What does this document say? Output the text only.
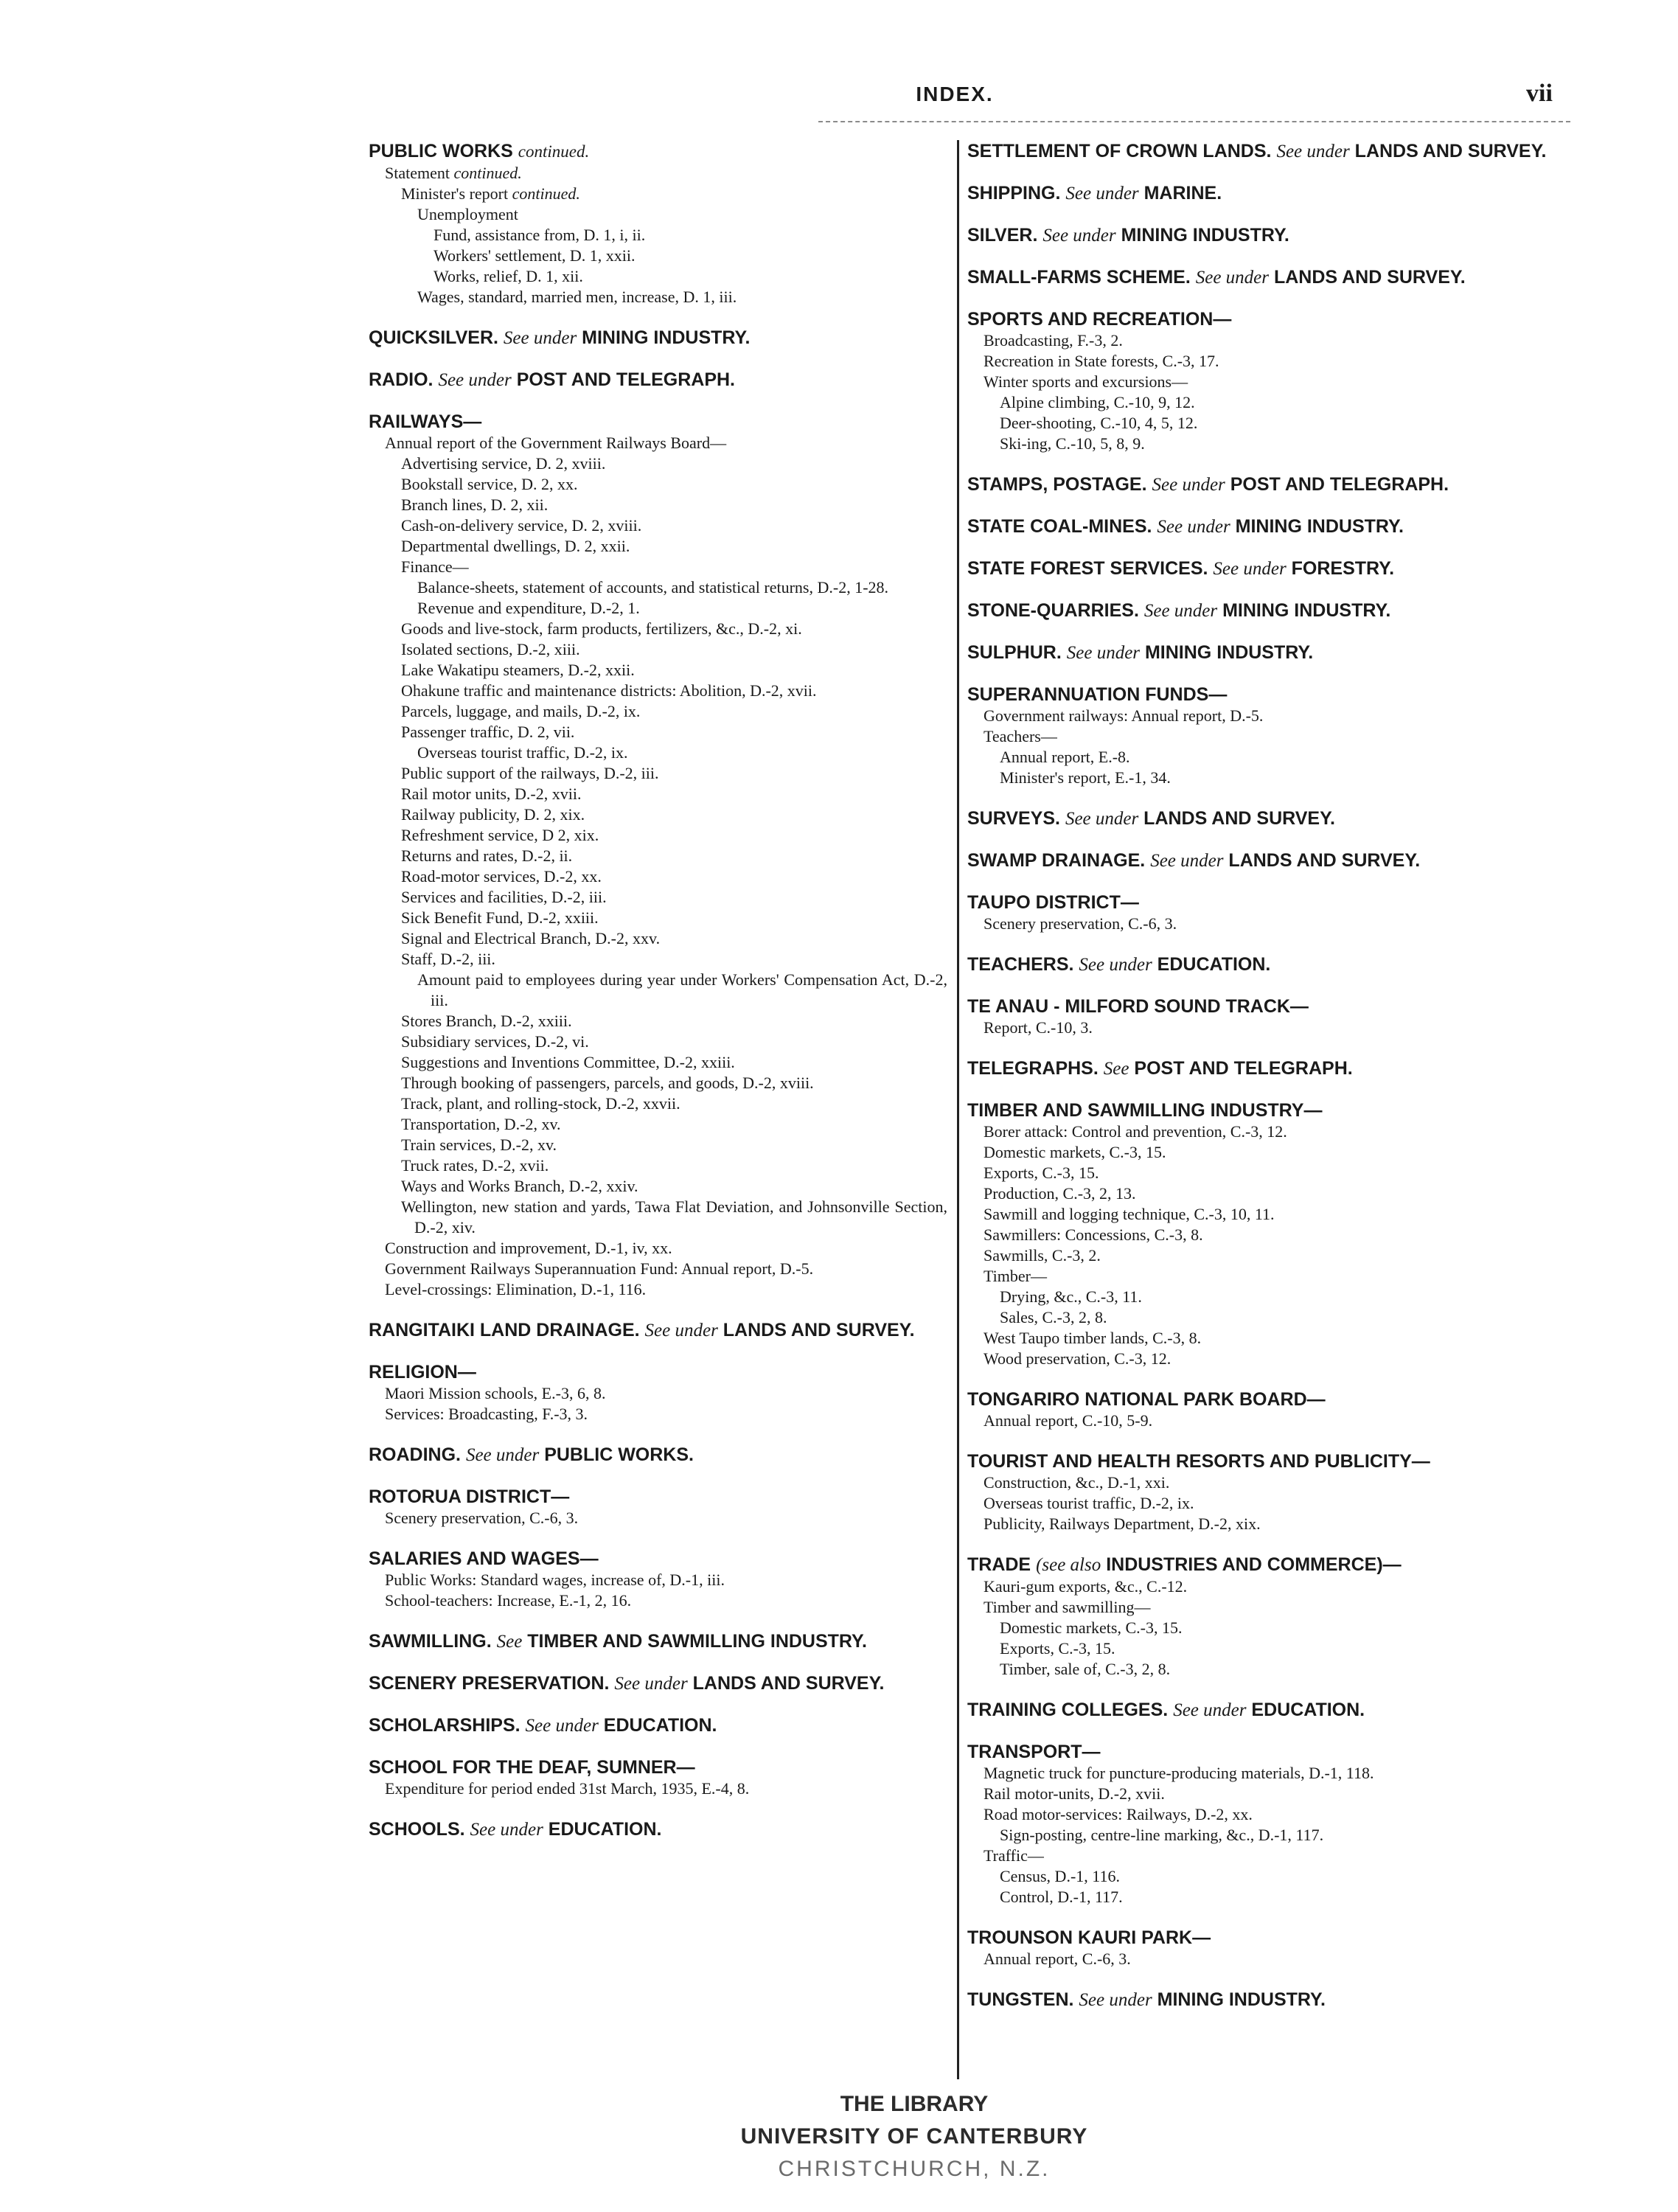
INDEX.	vii
PUBLIC WORKS continued.
Statement continued.
Minister's report continued.
Unemployment
Fund, assistance from, D. 1, i, ii.
Workers' settlement, D. 1, xxii.
Works, relief, D. 1, xii.
Wages, standard, married men, increase, D. 1, iii.
QUICKSILVER. See under MINING INDUSTRY.
RADIO. See under POST AND TELEGRAPH.
RAILWAYS—
Annual report of the Government Railways Board—
Advertising service, D. 2, xviii.
Bookstall service, D. 2, xx.
Branch lines, D. 2, xii.
Cash-on-delivery service, D. 2, xviii.
Departmental dwellings, D. 2, xxii.
Finance—
Balance-sheets, statement of accounts, and statistical returns, D.-2, 1-28.
Revenue and expenditure, D.-2, 1.
Goods and live-stock, farm products, fertilizers, &c., D.-2, xi.
Isolated sections, D.-2, xiii.
Lake Wakatipu steamers, D.-2, xxii.
Ohakune traffic and maintenance districts: Abolition, D.-2, xvii.
Parcels, luggage, and mails, D.-2, ix.
Passenger traffic, D. 2, vii.
Overseas tourist traffic, D.-2, ix.
Public support of the railways, D.-2, iii.
Rail motor units, D.-2, xvii.
Railway publicity, D. 2, xix.
Refreshment service, D 2, xix.
Returns and rates, D.-2, ii.
Road-motor services, D.-2, xx.
Services and facilities, D.-2, iii.
Sick Benefit Fund, D.-2, xxiii.
Signal and Electrical Branch, D.-2, xxv.
Staff, D.-2, iii.
Amount paid to employees during year under Workers' Compensation Act, D.-2, iii.
Stores Branch, D.-2, xxiii.
Subsidiary services, D.-2, vi.
Suggestions and Inventions Committee, D.-2, xxiii.
Through booking of passengers, parcels, and goods, D.-2, xviii.
Track, plant, and rolling-stock, D.-2, xxvii.
Transportation, D.-2, xv.
Train services, D.-2, xv.
Truck rates, D.-2, xvii.
Ways and Works Branch, D.-2, xxiv.
Wellington, new station and yards, Tawa Flat Deviation, and Johnsonville Section, D.-2, xiv.
Construction and improvement, D.-1, iv, xx.
Government Railways Superannuation Fund: Annual report, D.-5.
Level-crossings: Elimination, D.-1, 116.
RANGITAIKI LAND DRAINAGE. See under LANDS AND SURVEY.
RELIGION—
Maori Mission schools, E.-3, 6, 8.
Services: Broadcasting, F.-3, 3.
ROADING. See under PUBLIC WORKS.
ROTORUA DISTRICT—
Scenery preservation, C.-6, 3.
SALARIES AND WAGES—
Public Works: Standard wages, increase of, D.-1, iii.
School-teachers: Increase, E.-1, 2, 16.
SAWMILLING. See TIMBER AND SAWMILLING INDUSTRY.
SCENERY PRESERVATION. See under LANDS AND SURVEY.
SCHOLARSHIPS. See under EDUCATION.
SCHOOL FOR THE DEAF, SUMNER—
Expenditure for period ended 31st March, 1935, E.-4, 8.
SCHOOLS. See under EDUCATION.
SETTLEMENT OF CROWN LANDS. See under LANDS AND SURVEY.
SHIPPING. See under MARINE.
SILVER. See under MINING INDUSTRY.
SMALL-FARMS SCHEME. See under LANDS AND SURVEY.
SPORTS AND RECREATION—
Broadcasting, F.-3, 2.
Recreation in State forests, C.-3, 17.
Winter sports and excursions—
Alpine climbing, C.-10, 9, 12.
Deer-shooting, C.-10, 4, 5, 12.
Ski-ing, C.-10, 5, 8, 9.
STAMPS, POSTAGE. See under POST AND TELEGRAPH.
STATE COAL-MINES. See under MINING INDUSTRY.
STATE FOREST SERVICES. See under FORESTRY.
STONE-QUARRIES. See under MINING INDUSTRY.
SULPHUR. See under MINING INDUSTRY.
SUPERANNUATION FUNDS—
Government railways: Annual report, D.-5.
Teachers—
Annual report, E.-8.
Minister's report, E.-1, 34.
SURVEYS. See under LANDS AND SURVEY.
SWAMP DRAINAGE. See under LANDS AND SURVEY.
TAUPO DISTRICT—
Scenery preservation, C.-6, 3.
TEACHERS. See under EDUCATION.
TE ANAU - MILFORD SOUND TRACK—
Report, C.-10, 3.
TELEGRAPHS. See POST AND TELEGRAPH.
TIMBER AND SAWMILLING INDUSTRY—
Borer attack: Control and prevention, C.-3, 12.
Domestic markets, C.-3, 15.
Exports, C.-3, 15.
Production, C.-3, 2, 13.
Sawmill and logging technique, C.-3, 10, 11.
Sawmillers: Concessions, C.-3, 8.
Sawmills, C.-3, 2.
Timber—
Drying, &c., C.-3, 11.
Sales, C.-3, 2, 8.
West Taupo timber lands, C.-3, 8.
Wood preservation, C.-3, 12.
TONGARIRO NATIONAL PARK BOARD—
Annual report, C.-10, 5-9.
TOURIST AND HEALTH RESORTS AND PUBLICITY—
Construction, &c., D.-1, xxi.
Overseas tourist traffic, D.-2, ix.
Publicity, Railways Department, D.-2, xix.
TRADE (see also INDUSTRIES AND COMMERCE)—
Kauri-gum exports, &c., C.-12.
Timber and sawmilling—
Domestic markets, C.-3, 15.
Exports, C.-3, 15.
Timber, sale of, C.-3, 2, 8.
TRAINING COLLEGES. See under EDUCATION.
TRANSPORT—
Magnetic truck for puncture-producing materials, D.-1, 118.
Rail motor-units, D.-2, xvii.
Road motor-services: Railways, D.-2, xx.
Sign-posting, centre-line marking, &c., D.-1, 117.
Traffic—
Census, D.-1, 116.
Control, D.-1, 117.
TROUNSON KAURI PARK—
Annual report, C.-6, 3.
TUNGSTEN. See under MINING INDUSTRY.
THE LIBRARY
UNIVERSITY OF CANTERBURY
CHRISTCHURCH, N.Z.
